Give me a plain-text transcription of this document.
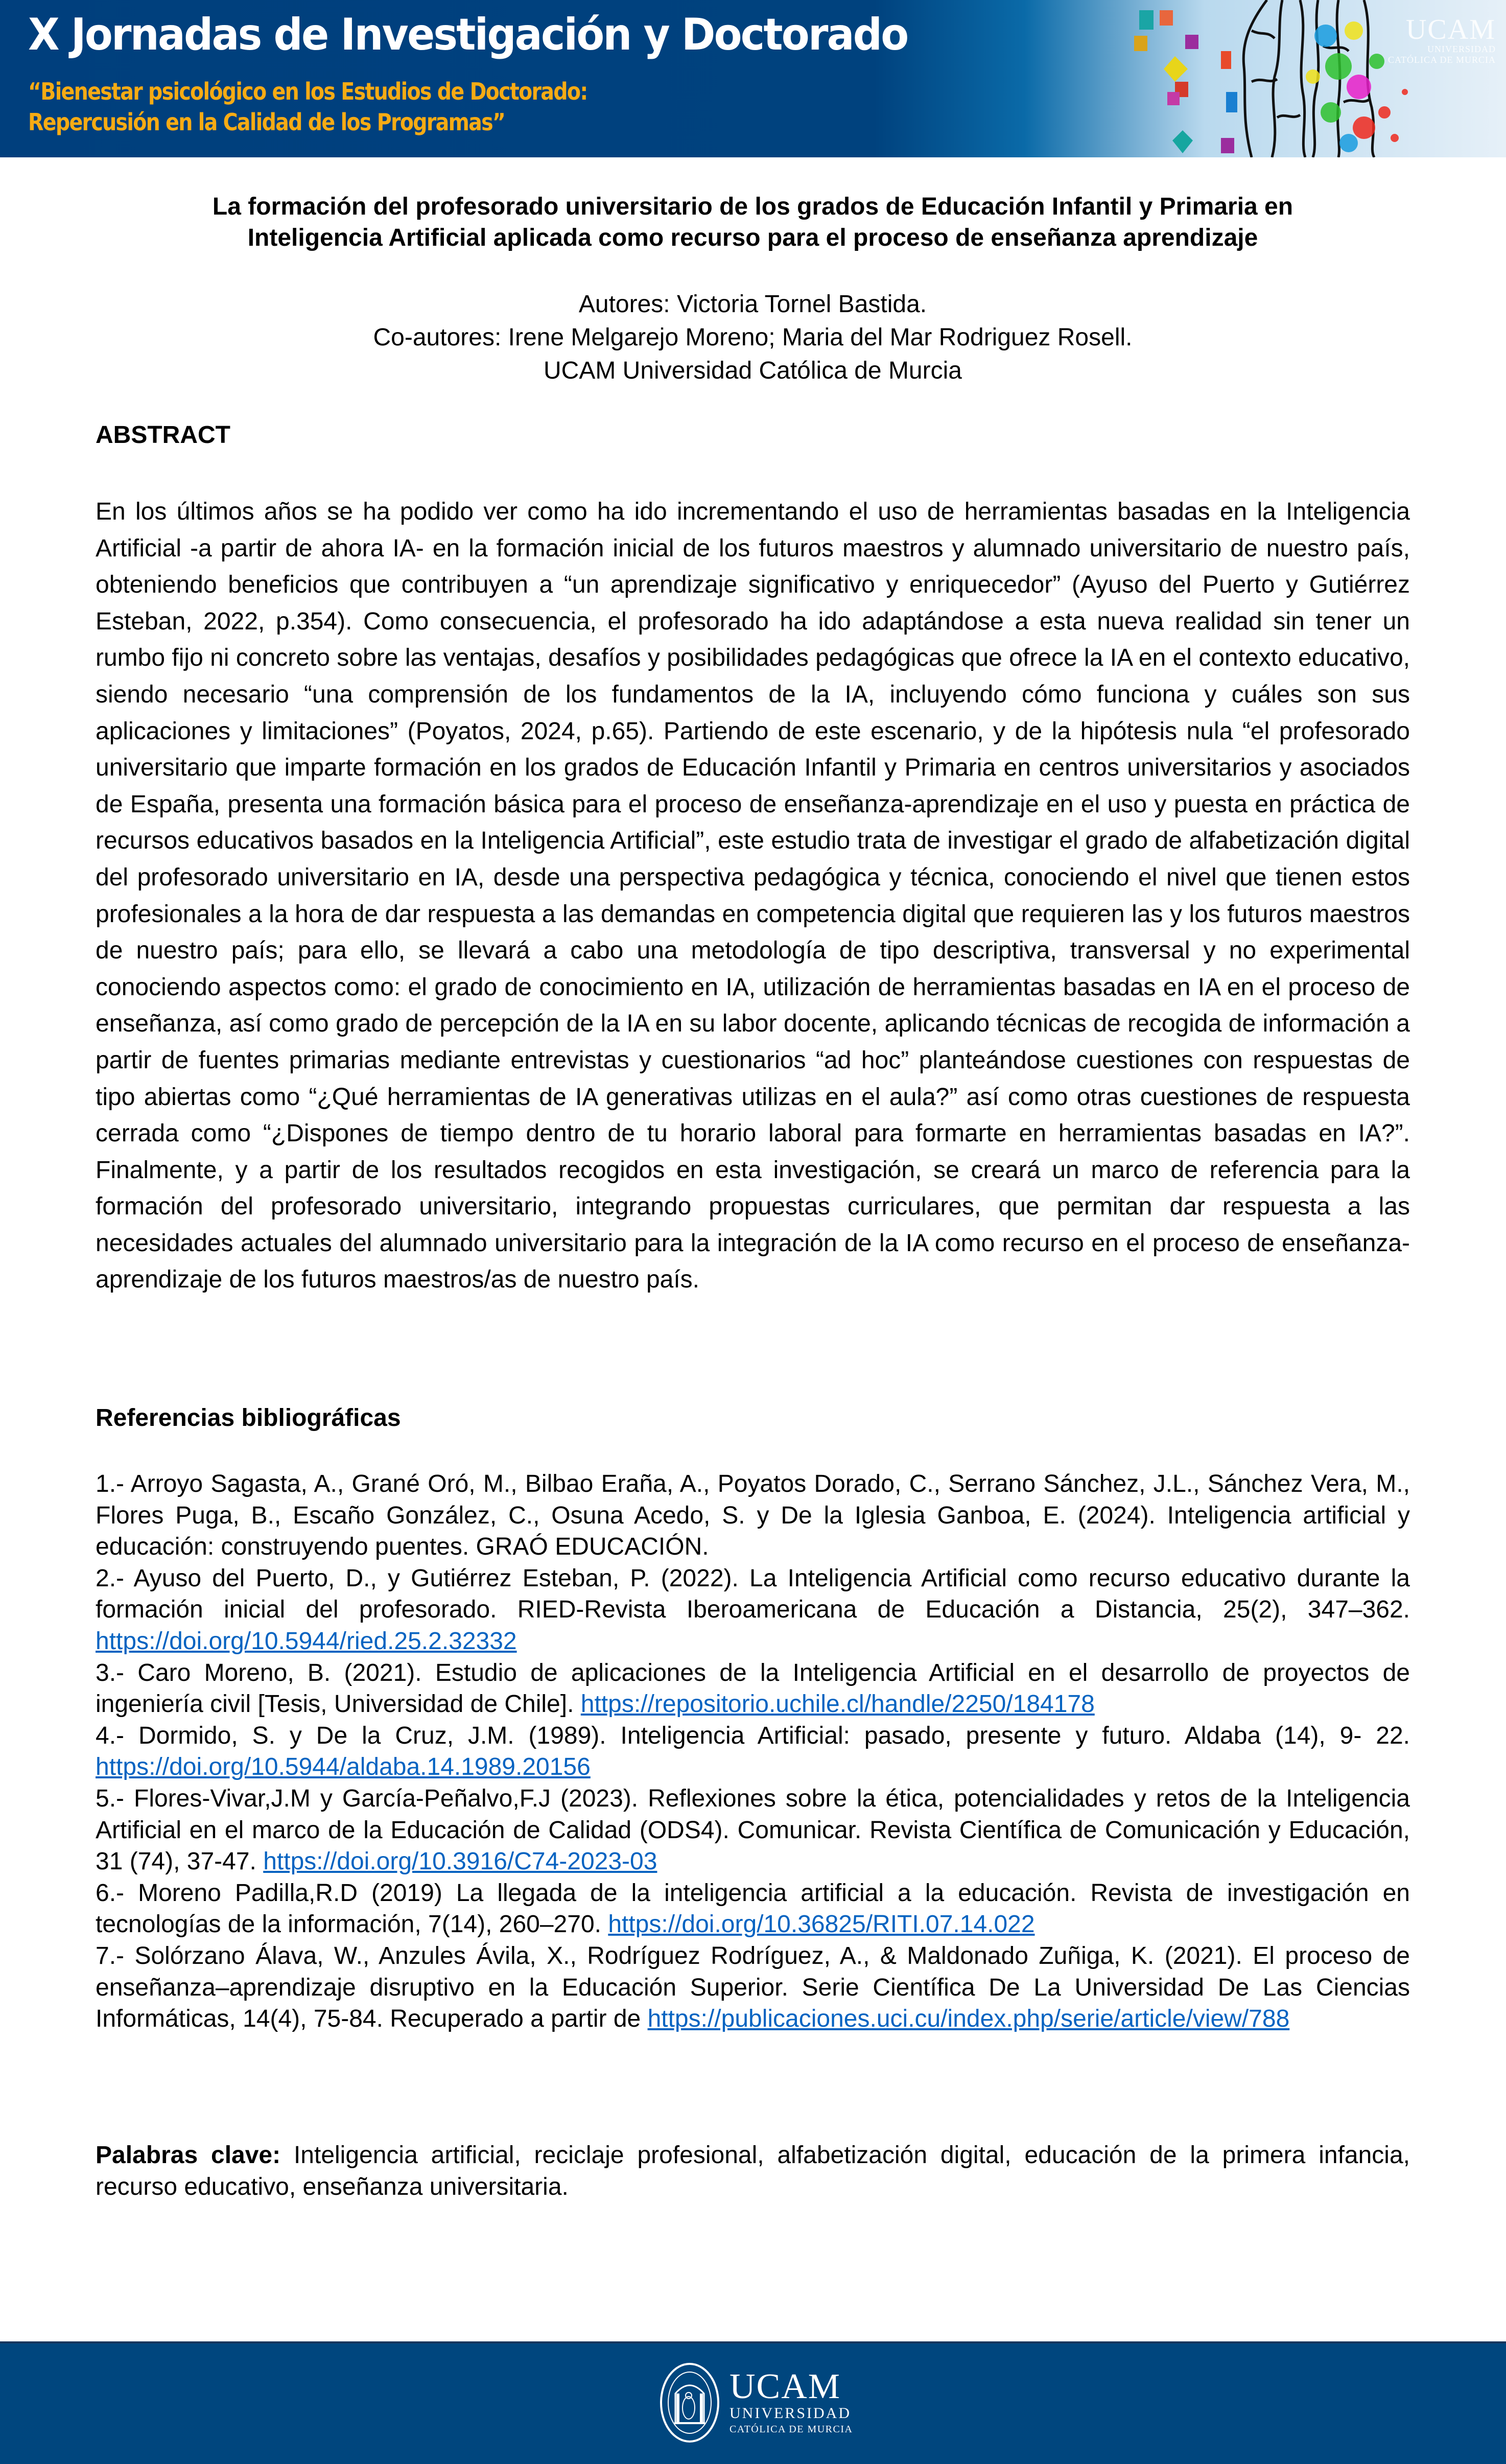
X Jornadas de Investigación y Doctorado
“Bienestar psicológico en los Estudios de Doctorado:
Repercusión en la Calidad de los Programas”
UCAM
UNIVERSIDAD
CATÓLICA DE MURCIA
La formación del profesorado universitario de los grados de Educación Infantil y Primaria en
Inteligencia Artificial aplicada como recurso para el proceso de enseñanza aprendizaje
Autores: Victoria Tornel Bastida.
Co-autores: Irene Melgarejo Moreno; Maria del Mar Rodriguez Rosell.
UCAM Universidad Católica de Murcia
ABSTRACT
En los últimos años se ha podido ver como ha ido incrementando el uso de herramientas basadas en la Inteligencia Artificial -a partir de ahora IA- en la formación inicial de los futuros maestros y alumnado universitario de nuestro país, obteniendo beneficios que contribuyen a “un aprendizaje significativo y enriquecedor” (Ayuso del Puerto y Gutiérrez Esteban, 2022, p.354). Como consecuencia, el profesorado ha ido adaptándose a esta nueva realidad sin tener un rumbo fijo ni concreto sobre las ventajas, desafíos y posibilidades pedagógicas que ofrece la IA en el contexto educativo, siendo necesario “una comprensión de los fundamentos de la IA, incluyendo cómo funciona y cuáles son sus aplicaciones y limitaciones” (Poyatos, 2024, p.65). Partiendo de este escenario, y de la hipótesis nula “el profesorado universitario que imparte formación en los grados de Educación Infantil y Primaria en centros universitarios y asociados de España, presenta una formación básica para el proceso de enseñanza-aprendizaje en el uso y puesta en práctica de recursos educativos basados en la Inteligencia Artificial”, este estudio trata de investigar el grado de alfabetización digital del profesorado universitario en IA, desde una perspectiva pedagógica y técnica, conociendo el nivel que tienen estos profesionales a la hora de dar respuesta a las demandas en competencia digital que requieren las y los futuros maestros de nuestro país; para ello, se llevará a cabo una metodología de tipo descriptiva, transversal y no experimental conociendo aspectos como: el grado de conocimiento en IA, utilización de herramientas basadas en IA en el proceso de enseñanza, así como grado de percepción de la IA en su labor docente, aplicando técnicas de recogida de información a partir de fuentes primarias mediante entrevistas y cuestionarios “ad hoc” planteándose cuestiones con respuestas de tipo abiertas como “¿Qué herramientas de IA generativas utilizas en el aula?” así como otras cuestiones de respuesta cerrada como “¿Dispones de tiempo dentro de tu horario laboral para formarte en herramientas basadas en IA?”. Finalmente, y a partir de los resultados recogidos en esta investigación, se creará un marco de referencia para la formación del profesorado universitario, integrando propuestas curriculares, que permitan dar respuesta a las necesidades actuales del alumnado universitario para la integración de la IA como recurso en el proceso de enseñanza-aprendizaje de los futuros maestros/as de nuestro país.
Referencias bibliográficas

1.- Arroyo Sagasta, A., Grané Oró, M., Bilbao Eraña, A., Poyatos Dorado, C., Serrano Sánchez, J.L., Sánchez Vera, M., Flores Puga, B., Escaño González, C., Osuna Acedo, S. y De la Iglesia Ganboa, E. (2024). Inteligencia artificial y educación: construyendo puentes. GRAÓ EDUCACIÓN.

2.- Ayuso del Puerto, D., y Gutiérrez Esteban, P. (2022). La Inteligencia Artificial como recurso educativo durante la formación inicial del profesorado. RIED-Revista Iberoamericana de Educación a Distancia, 25(2), 347–362. https://doi.org/10.5944/ried.25.2.32332

3.- Caro Moreno, B. (2021). Estudio de aplicaciones de la Inteligencia Artificial en el desarrollo de proyectos de ingeniería civil [Tesis, Universidad de Chile]. https://repositorio.uchile.cl/handle/2250/184178

4.- Dormido, S. y De la Cruz, J.M. (1989). Inteligencia Artificial: pasado, presente y futuro. Aldaba (14), 9- 22. https://doi.org/10.5944/aldaba.14.1989.20156

5.- Flores-Vivar,J.M y García-Peñalvo,F.J (2023). Reflexiones sobre la ética, potencialidades y retos de la Inteligencia Artificial en el marco de la Educación de Calidad (ODS4). Comunicar. Revista Científica de Comunicación y Educación, 31 (74), 37-47. https://doi.org/10.3916/C74-2023-03

6.- Moreno Padilla,R.D (2019) La llegada de la inteligencia artificial a la educación. Revista de investigación en tecnologías de la información, 7(14), 260–270. https://doi.org/10.36825/RITI.07.14.022

7.- Solórzano Álava, W., Anzules Ávila, X., Rodríguez Rodríguez, A., & Maldonado Zuñiga, K. (2021). El proceso de enseñanza–aprendizaje disruptivo en la Educación Superior. Serie Científica De La Universidad De Las Ciencias Informáticas, 14(4), 75-84. Recuperado a partir de https://publicaciones.uci.cu/index.php/serie/article/view/788

Palabras clave: Inteligencia artificial, reciclaje profesional, alfabetización digital, educación de la primera infancia, recurso educativo, enseñanza universitaria.
UCAM
UNIVERSIDAD
CATÓLICA DE MURCIA
